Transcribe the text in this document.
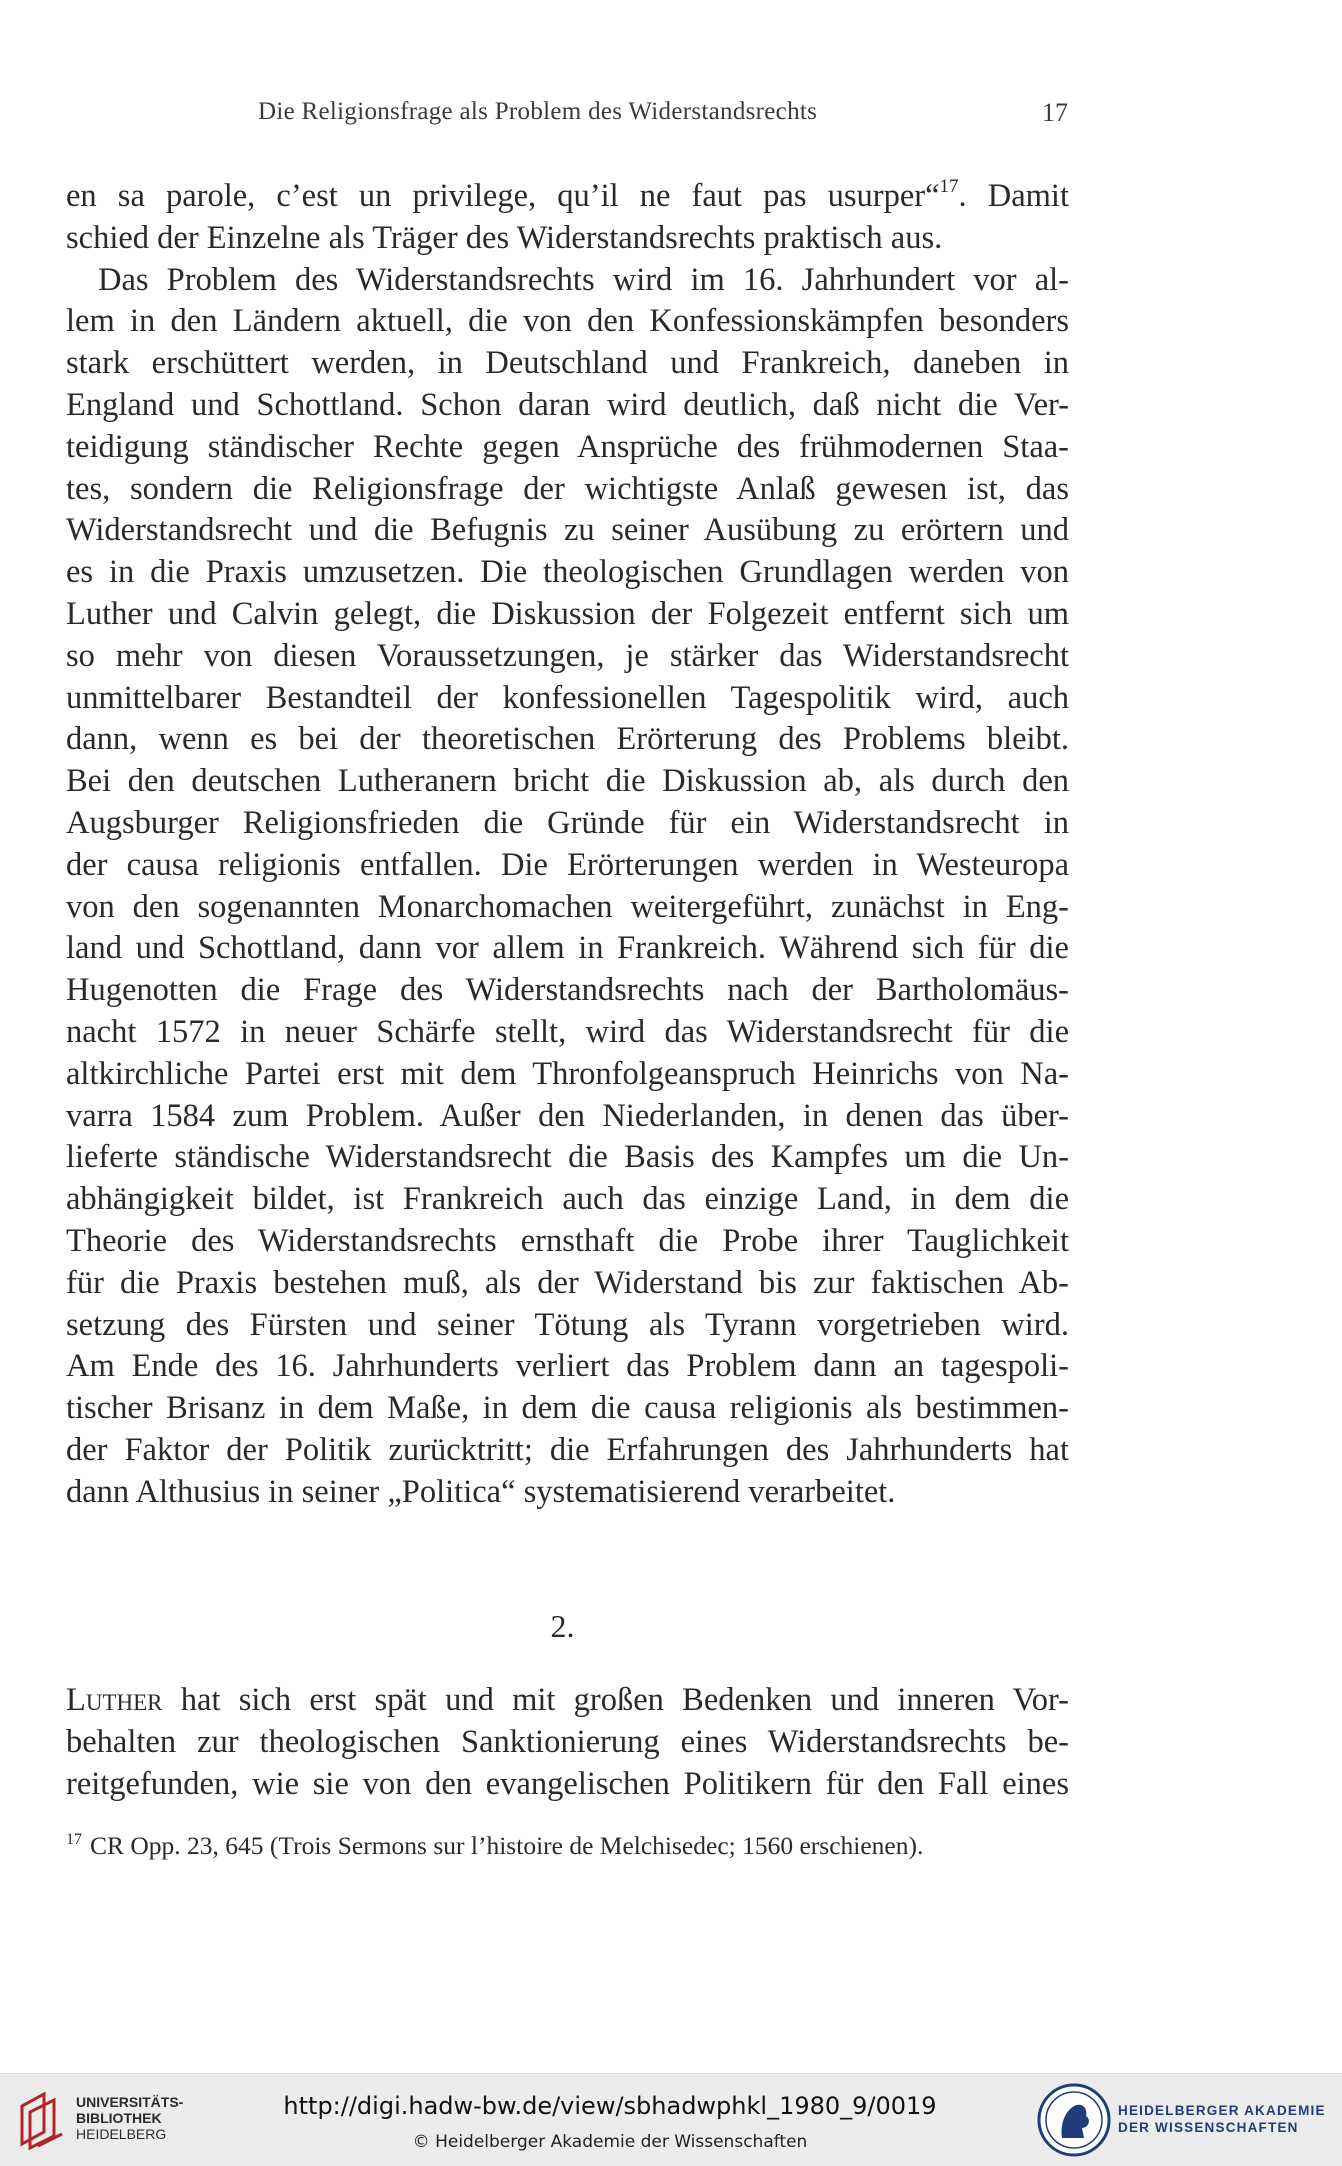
Die Religionsfrage als Problem des Widerstandsrechts	17
en sa parole, c’est un privilege, qu’il ne faut pas usurper“$^{17}$. Damit
schied der Einzelne als Träger des Widerstandsrechts praktisch aus.
Das Problem des Widerstandsrechts wird im 16. Jahrhundert vor al-
lem in den Ländern aktuell, die von den Konfessionskämpfen besonders
stark erschüttert werden, in Deutschland und Frankreich, daneben in
England und Schottland. Schon daran wird deutlich, daß nicht die Ver-
teidigung ständischer Rechte gegen Ansprüche des frühmodernen Staa-
tes, sondern die Religionsfrage der wichtigste Anlaß gewesen ist, das
Widerstandsrecht und die Befugnis zu seiner Ausübung zu erörtern und
es in die Praxis umzusetzen. Die theologischen Grundlagen werden von
Luther und Calvin gelegt, die Diskussion der Folgezeit entfernt sich um
so mehr von diesen Voraussetzungen, je stärker das Widerstandsrecht
unmittelbarer Bestandteil der konfessionellen Tagespolitik wird, auch
dann, wenn es bei der theoretischen Erörterung des Problems bleibt.
Bei den deutschen Lutheranern bricht die Diskussion ab, als durch den
Augsburger Religionsfrieden die Gründe für ein Widerstandsrecht in
der causa religionis entfallen. Die Erörterungen werden in Westeuropa
von den sogenannten Monarchomachen weitergeführt, zunächst in Eng-
land und Schottland, dann vor allem in Frankreich. Während sich für die
Hugenotten die Frage des Widerstandsrechts nach der Bartholomäus-
nacht 1572 in neuer Schärfe stellt, wird das Widerstandsrecht für die
altkirchliche Partei erst mit dem Thronfolgeanspruch Heinrichs von Na-
varra 1584 zum Problem. Außer den Niederlanden, in denen das über-
lieferte ständische Widerstandsrecht die Basis des Kampfes um die Un-
abhängigkeit bildet, ist Frankreich auch das einzige Land, in dem die
Theorie des Widerstandsrechts ernsthaft die Probe ihrer Tauglichkeit
für die Praxis bestehen muß, als der Widerstand bis zur faktischen Ab-
setzung des Fürsten und seiner Tötung als Tyrann vorgetrieben wird.
Am Ende des 16. Jahrhunderts verliert das Problem dann an tagespoli-
tischer Brisanz in dem Maße, in dem die causa religionis als bestimmen-
der Faktor der Politik zurücktritt; die Erfahrungen des Jahrhunderts hat
dann Althusius in seiner „Politica“ systematisierend verarbeitet.
2.
Luther hat sich erst spät und mit großen Bedenken und inneren Vor-
behalten zur theologischen Sanktionierung eines Widerstandsrechts be-
reitgefunden, wie sie von den evangelischen Politikern für den Fall eines
$^{17}$ CR Opp. 23, 645 (Trois Sermons sur l’histoire de Melchisedec; 1560 erschienen).
UNIVERSITÄTS-
BIBLIOTHEK
HEIDELBERG
http://digi.hadw-bw.de/view/sbhadwphkl_1980_9/0019
© Heidelberger Akademie der Wissenschaften
HEIDELBERGER AKADEMIE
DER WISSENSCHAFTEN
